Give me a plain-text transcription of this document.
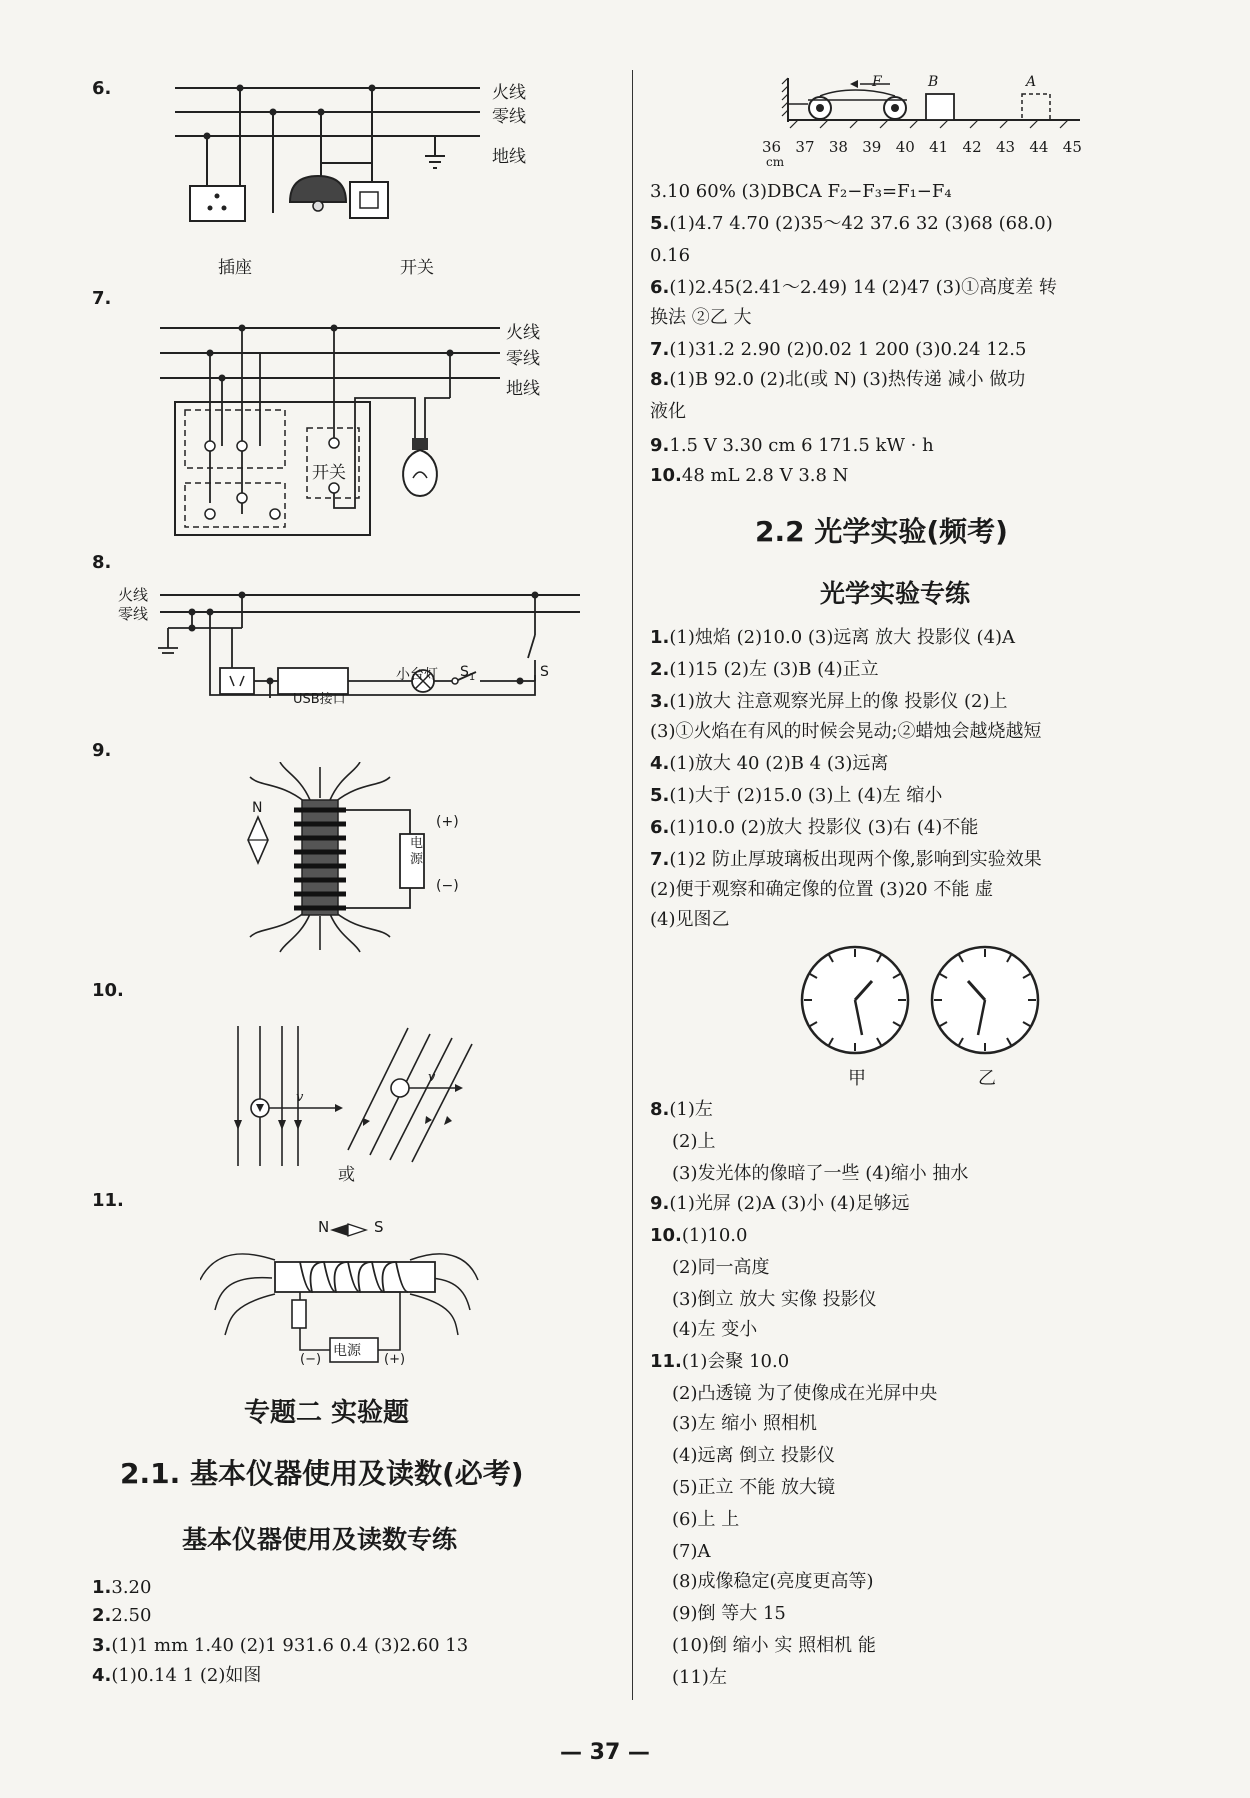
6.	火线
零线
地线
插座	开关
7.
火线
零线
地线
开关
8.
火线
零线
USB接口
小台灯 $S_1$	S
9.
N
电源
(+)
(−)
10.
v
v
或
11.
N	S
电源
(−)	(+)
专题二 实验题
2.1. 基本仪器使用及读数(必考)
基本仪器使用及读数专练
1.3.20
2.2.50
3.(1)1 mm 1.40 (2)1 931.6 0.4 (3)2.60 13
4.(1)0.14 1 (2)如图
F	B	A
36 37 38 39 40 41 42 43 44 45
cm
3.10 60% (3)DBCA F₂−F₃=F₁−F₄
5.(1)4.7 4.70 (2)35～42 37.6 32 (3)68 (68.0)
0.16
6.(1)2.45(2.41～2.49) 14 (2)47 (3)①高度差 转
换法 ②乙 大
7.(1)31.2 2.90 (2)0.02 1 200 (3)0.24 12.5
8.(1)B 92.0 (2)北(或 N) (3)热传递 减小 做功
液化
9.1.5 V 3.30 cm 6 171.5 kW · h
10.48 mL 2.8 V 3.8 N
2.2 光学实验(频考)
光学实验专练
1.(1)烛焰 (2)10.0 (3)远离 放大 投影仪 (4)A
2.(1)15 (2)左 (3)B (4)正立
3.(1)放大 注意观察光屏上的像 投影仪 (2)上
(3)①火焰在有风的时候会晃动;②蜡烛会越烧越短
4.(1)放大 40 (2)B 4 (3)远离
5.(1)大于 (2)15.0 (3)上 (4)左 缩小
6.(1)10.0 (2)放大 投影仪 (3)右 (4)不能
7.(1)2 防止厚玻璃板出现两个像,影响到实验效果
(2)便于观察和确定像的位置 (3)20 不能 虚
(4)见图乙
甲	乙
8.(1)左
(2)上
(3)发光体的像暗了一些 (4)缩小 抽水
9.(1)光屏 (2)A (3)小 (4)足够远
10.(1)10.0
(2)同一高度
(3)倒立 放大 实像 投影仪
(4)左 变小
11.(1)会聚 10.0
(2)凸透镜 为了使像成在光屏中央
(3)左 缩小 照相机
(4)远离 倒立 投影仪
(5)正立 不能 放大镜
(6)上 上
(7)A
(8)成像稳定(亮度更高等)
(9)倒 等大 15
(10)倒 缩小 实 照相机 能
(11)左
— 37 —
